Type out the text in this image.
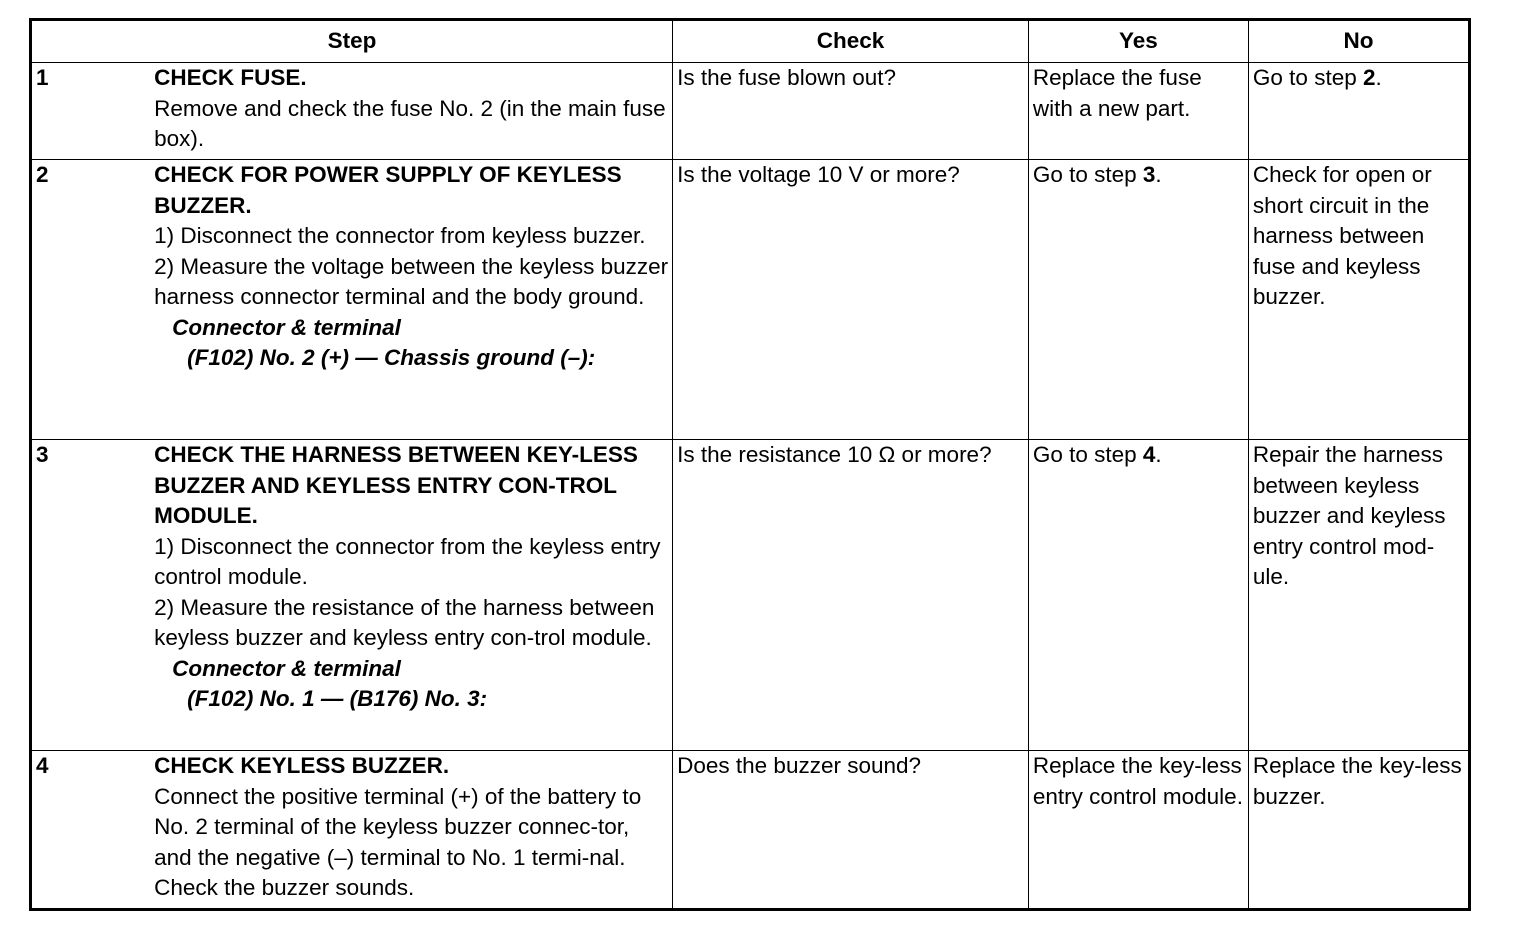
Step		Check	Yes	No
1	CHECK FUSE.
Remove and check the fuse No. 2 (in the main fuse box).	Is the fuse blown out?	Replace the fuse with a new part.	Go to step 2.
2	CHECK FOR POWER SUPPLY OF KEYLESS BUZZER.
1) Disconnect the connector from keyless buzzer.
2) Measure the voltage between the keyless buzzer harness connector terminal and the body ground.
Connector & terminal
(F102) No. 2 (+) — Chassis ground (–):	Is the voltage 10 V or more?	Go to step 3.	Check for open or short circuit in the harness between fuse and keyless buzzer.
3	CHECK THE HARNESS BETWEEN KEY-LESS BUZZER AND KEYLESS ENTRY CON-TROL MODULE.
1) Disconnect the connector from the keyless entry control module.
2) Measure the resistance of the harness between keyless buzzer and keyless entry con-trol module.
Connector & terminal
(F102) No. 1 — (B176) No. 3:	Is the resistance 10 Ω or more?	Go to step 4.	Repair the harness between keyless buzzer and keyless entry control mod-ule.
4	CHECK KEYLESS BUZZER.
Connect the positive terminal (+) of the battery to No. 2 terminal of the keyless buzzer connec-tor, and the negative (–) terminal to No. 1 termi-nal. Check the buzzer sounds.	Does the buzzer sound?	Replace the key-less entry control module.	Replace the key-less buzzer.
